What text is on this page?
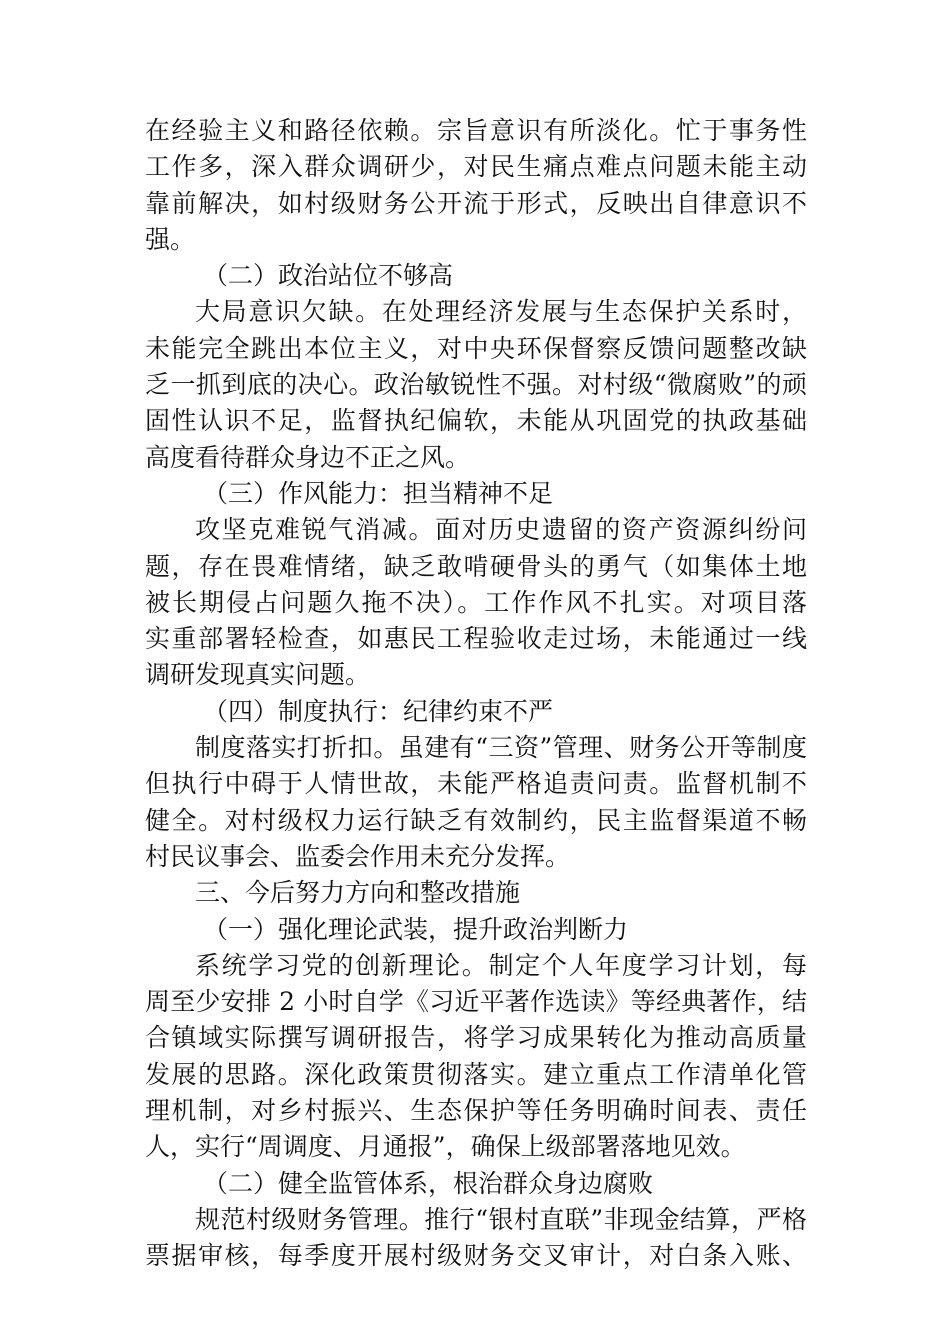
在经验主义和路径依赖。宗旨意识有所淡化。忙于事务性
工作多，深入群众调研少，对民生痛点难点问题未能主动
靠前解决，如村级财务公开流于形式，反映出自律意识不
强。
（二）政治站位不够高
大局意识欠缺。在处理经济发展与生态保护关系时，
未能完全跳出本位主义，对中央环保督察反馈问题整改缺
乏一抓到底的决心。政治敏锐性不强。对村级“微腐败”的顽
固性认识不足，监督执纪偏软，未能从巩固党的执政基础
高度看待群众身边不正之风。
（三）作风能力：担当精神不足
攻坚克难锐气消减。面对历史遗留的资产资源纠纷问
题，存在畏难情绪，缺乏敢啃硬骨头的勇气（如集体土地
被长期侵占问题久拖不决）。工作作风不扎实。对项目落
实重部署轻检查，如惠民工程验收走过场，未能通过一线
调研发现真实问题。
（四）制度执行：纪律约束不严
制度落实打折扣。虽建有“三资”管理、财务公开等制度
但执行中碍于人情世故，未能严格追责问责。监督机制不
健全。对村级权力运行缺乏有效制约，民主监督渠道不畅
村民议事会、监委会作用未充分发挥。
三、今后努力方向和整改措施
（一）强化理论武装，提升政治判断力
系统学习党的创新理论。制定个人年度学习计划，每
周至少安排 2 小时自学《习近平著作选读》等经典著作，结
合镇域实际撰写调研报告，将学习成果转化为推动高质量
发展的思路。深化政策贯彻落实。建立重点工作清单化管
理机制，对乡村振兴、生态保护等任务明确时间表、责任
人，实行“周调度、月通报”，确保上级部署落地见效。
（二）健全监管体系，根治群众身边腐败
规范村级财务管理。推行“银村直联”非现金结算，严格
票据审核，每季度开展村级财务交叉审计，对白条入账、
